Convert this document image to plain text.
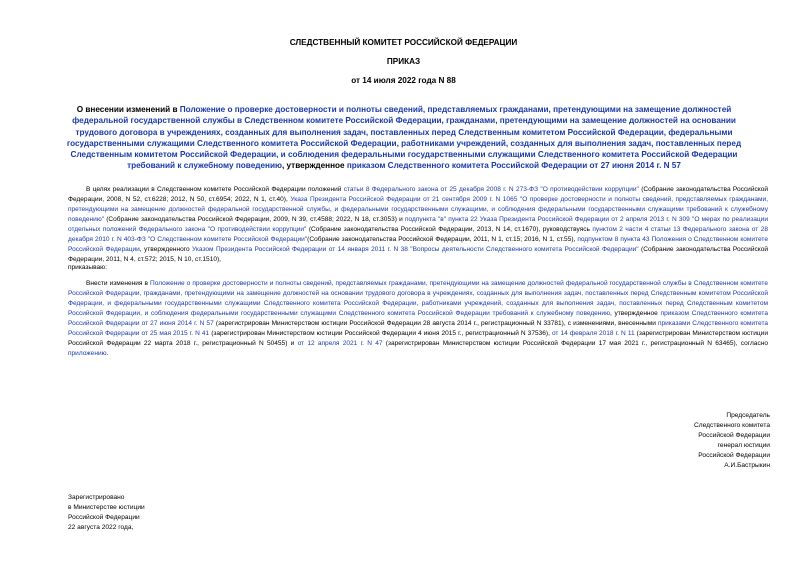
СЛЕДСТВЕННЫЙ КОМИТЕТ РОССИЙСКОЙ ФЕДЕРАЦИИ
ПРИКАЗ
от 14 июля 2022 года N 88
О внесении изменений в Положение о проверке достоверности и полноты сведений, представляемых гражданами, претендующими на замещение должностей федеральной государственной службы в Следственном комитете Российской Федерации, гражданами, претендующими на замещение должностей на основании трудового договора в учреждениях, созданных для выполнения задач, поставленных перед Следственным комитетом Российской Федерации, федеральными государственными служащими Следственного комитета Российской Федерации, работниками учреждений, созданных для выполнения задач, поставленных перед Следственным комитетом Российской Федерации, и соблюдения федеральными государственными служащими Следственного комитета Российской Федерации требований к служебному поведению, утвержденное приказом Следственного комитета Российской Федерации от 27 июня 2014 г. N 57
В целях реализации в Следственном комитете Российской Федерации положений статьи 8 Федерального закона от 25 декабря 2008 г. N 273-ФЗ "О противодействии коррупции" (Собрание законодательства Российской Федерации, 2008, N 52, ст.6228; 2012, N 50, ст.6954; 2022, N 1, ст.40), Указа Президента Российской Федерации от 21 сентября 2009 г. N 1065 "О проверке достоверности и полноты сведений, представляемых гражданами, претендующими на замещение должностей федеральной государственной службы, и федеральными государственными служащими, и соблюдения федеральными государственными служащими требований к служебному поведению" (Собрание законодательства Российской Федерации, 2009, N 39, ст.4588; 2022, N 18, ст.3053) и подпункта "в" пункта 22 Указа Президента Российской Федерации от 2 апреля 2013 г. N 309 "О мерах по реализации отдельных положений Федерального закона "О противодействии коррупции" (Собрание законодательства Российской Федерации, 2013, N 14, ст.1670), руководствуясь пунктом 2 части 4 статьи 13 Федерального закона от 28 декабря 2010 г. N 403-ФЗ "О Следственном комитете Российской Федерации"(Собрание законодательства Российской Федерации, 2011, N 1, ст.15; 2016, N 1, ст.55), подпунктом 8 пункта 43 Положения о Следственном комитете Российской Федерации, утвержденного Указом Президента Российской Федерации от 14 января 2011 г. N 38 "Вопросы деятельности Следственного комитета Российской Федерации" (Собрание законодательства Российской Федерации, 2011, N 4, ст.572; 2015, N 10, ст.1510),
приказываю:
Внести изменения в Положение о проверке достоверности и полноты сведений, представляемых гражданами, претендующими на замещение должностей федеральной государственной службы в Следственном комитете Российской Федерации, гражданами, претендующими на замещение должностей на основании трудового договора в учреждениях, созданных для выполнения задач, поставленных перед Следственным комитетом Российской Федерации, и федеральными государственными служащими Следственного комитета Российской Федерации, работниками учреждений, созданных для выполнения задач, поставленных перед Следственным комитетом Российской Федерации, и соблюдения федеральными государственными служащими Следственного комитета Российской Федерации требований к служебному поведению, утвержденное приказом Следственного комитета Российской Федерации от 27 июня 2014 г. N 57 (зарегистрирован Министерством юстиции Российской Федерации 28 августа 2014 г., регистрационный N 33781), с изменениями, внесенными приказами Следственного комитета Российской Федерации от 25 мая 2015 г. N 41 (зарегистрирован Министерством юстиции Российской Федерации 4 июня 2015 г., регистрационный N 37536), от 14 февраля 2018 г. N 11 (зарегистрирован Министерством юстиции Российской Федерации 22 марта 2018 г., регистрационный N 50455) и от 12 апреля 2021 г. N 47 (зарегистрирован Министерством юстиции Российской Федерации 17 мая 2021 г., регистрационный N 63465), согласно приложению.
Председатель
Следственного комитета
Российской Федерации
генерал юстиции
Российской Федерации
А.И.Бастрыкин
Зарегистрировано
в Министерстве юстиции
Российской Федерации
22 августа 2022 года,
